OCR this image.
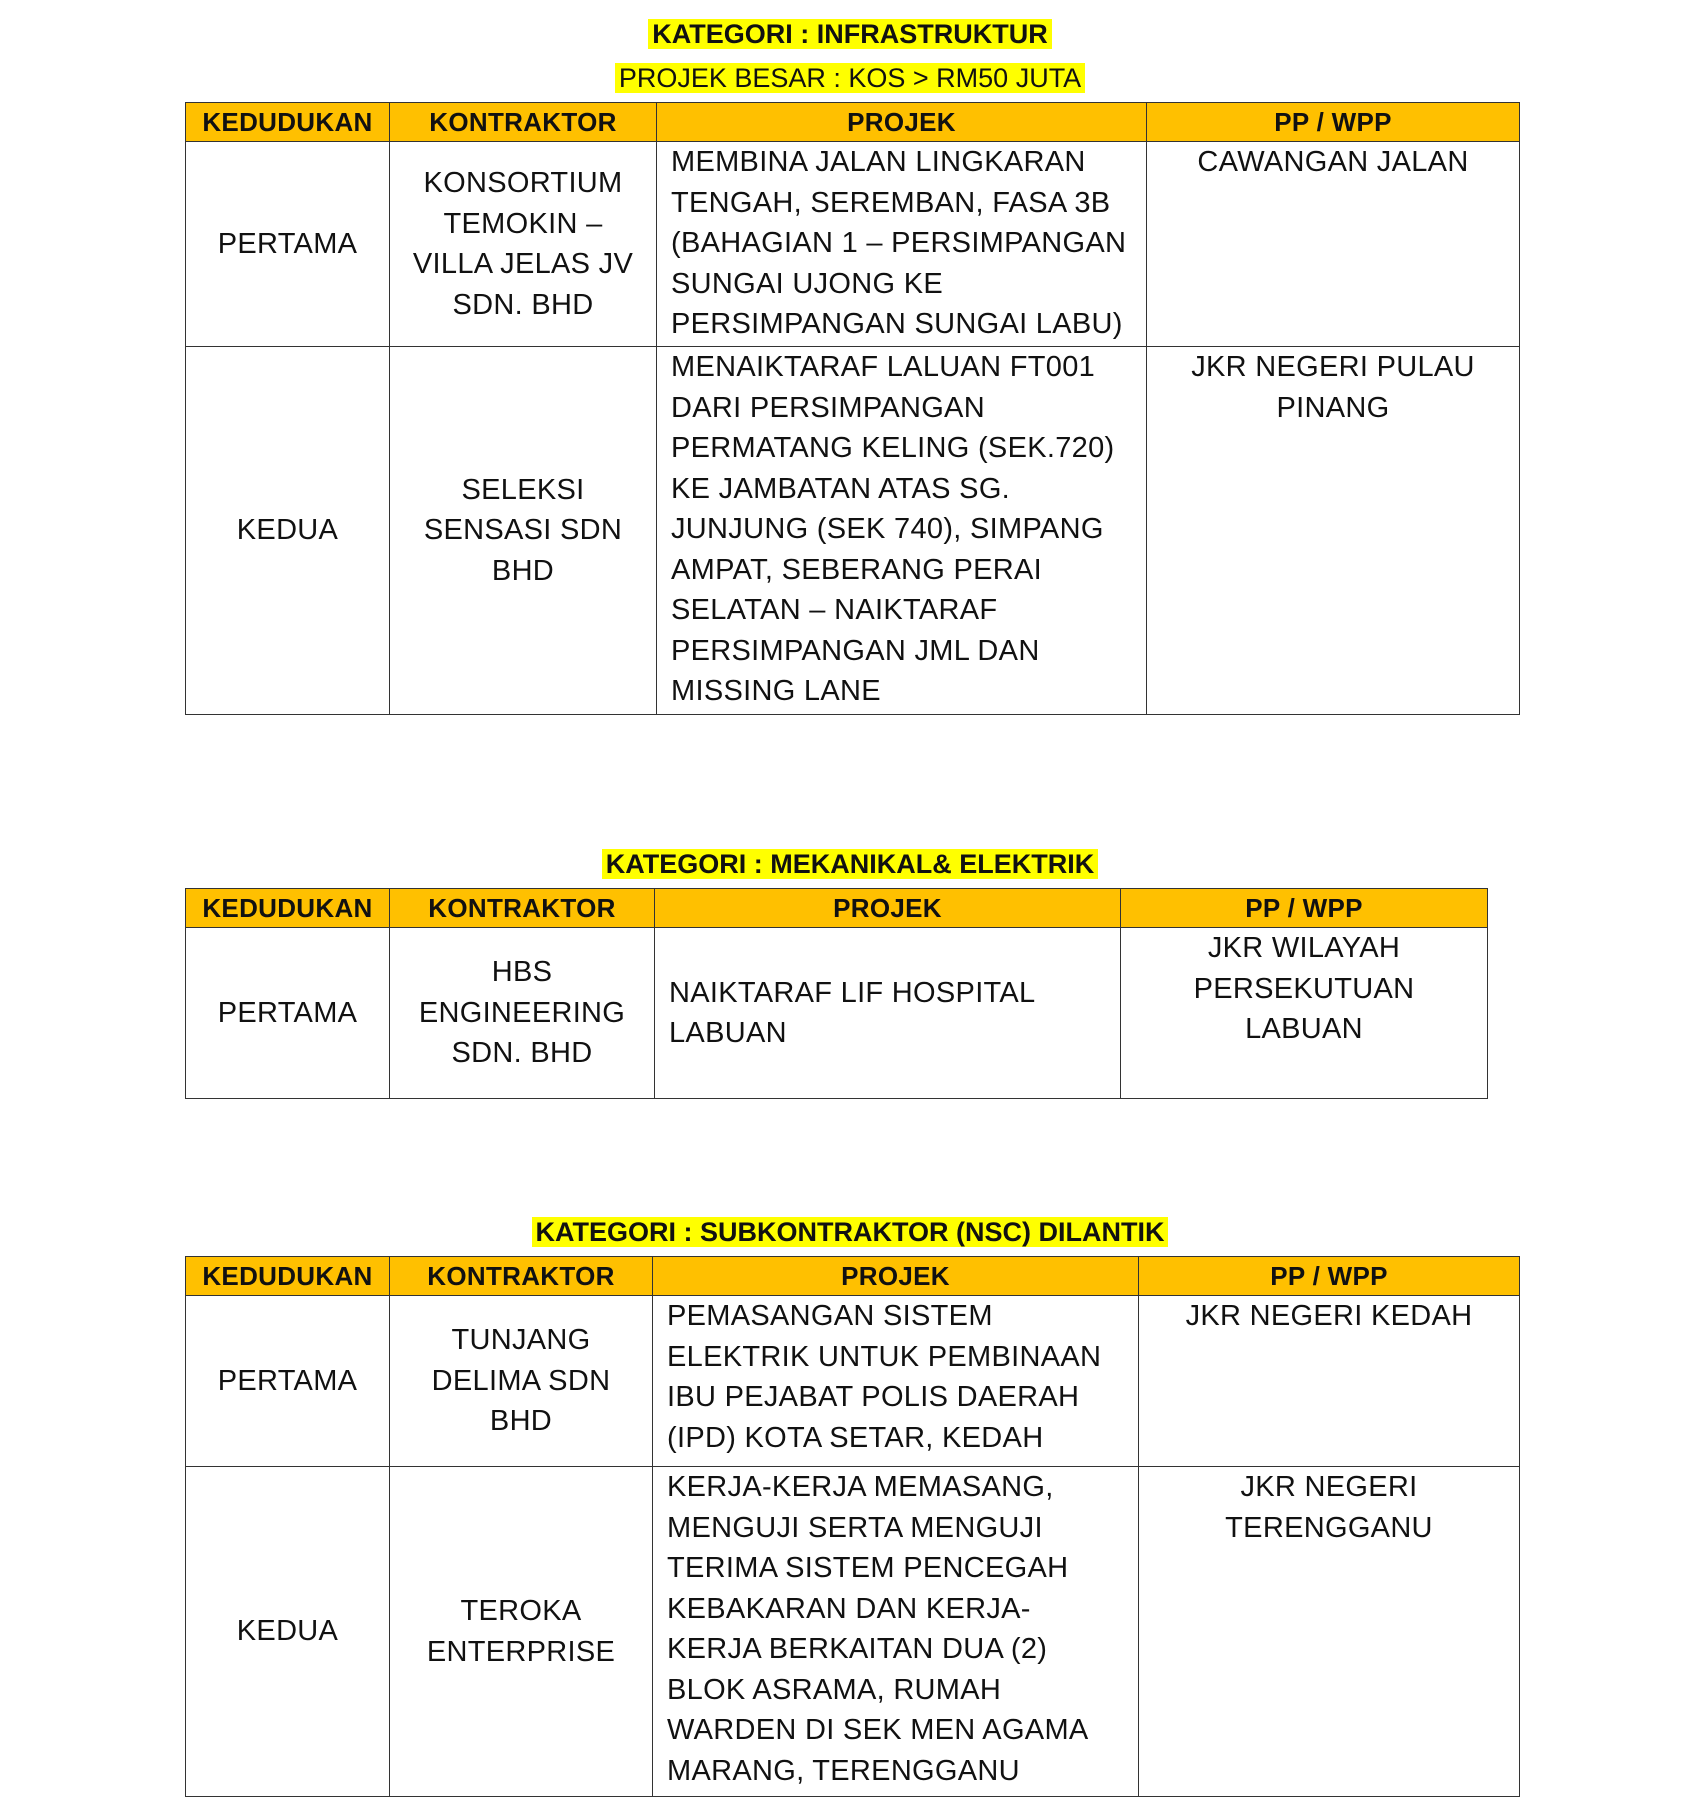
KATEGORI : INFRASTRUKTUR
PROJEK BESAR : KOS > RM50 JUTA
KEDUDUKAN	KONTRAKTOR	PROJEK	PP / WPP
PERTAMA	KONSORTIUM TEMOKIN – VILLA JELAS JV SDN. BHD	MEMBINA JALAN LINGKARAN TENGAH, SEREMBAN, FASA 3B (BAHAGIAN 1 – PERSIMPANGAN SUNGAI UJONG KE PERSIMPANGAN SUNGAI LABU)	CAWANGAN JALAN
KEDUA	SELEKSI SENSASI SDN BHD	MENAIKTARAF LALUAN FT001 DARI PERSIMPANGAN PERMATANG KELING (SEK.720) KE JAMBATAN ATAS SG. JUNJUNG (SEK 740), SIMPANG AMPAT, SEBERANG PERAI SELATAN – NAIKTARAF PERSIMPANGAN JML DAN MISSING LANE	JKR NEGERI PULAU PINANG
KATEGORI : MEKANIKAL& ELEKTRIK
KEDUDUKAN	KONTRAKTOR	PROJEK	PP / WPP
PERTAMA	HBS ENGINEERING SDN. BHD	NAIKTARAF LIF HOSPITAL LABUAN	JKR WILAYAH PERSEKUTUAN LABUAN
KATEGORI : SUBKONTRAKTOR (NSC) DILANTIK
KEDUDUKAN	KONTRAKTOR	PROJEK	PP / WPP
PERTAMA	TUNJANG DELIMA SDN BHD	PEMASANGAN SISTEM ELEKTRIK UNTUK PEMBINAAN IBU PEJABAT POLIS DAERAH (IPD) KOTA SETAR, KEDAH	JKR NEGERI KEDAH
KEDUA	TEROKA ENTERPRISE	KERJA-KERJA MEMASANG, MENGUJI SERTA MENGUJI TERIMA SISTEM PENCEGAH KEBAKARAN DAN KERJA-KERJA BERKAITAN DUA (2) BLOK ASRAMA, RUMAH WARDEN DI SEK MEN AGAMA MARANG, TERENGGANU	JKR NEGERI TERENGGANU
